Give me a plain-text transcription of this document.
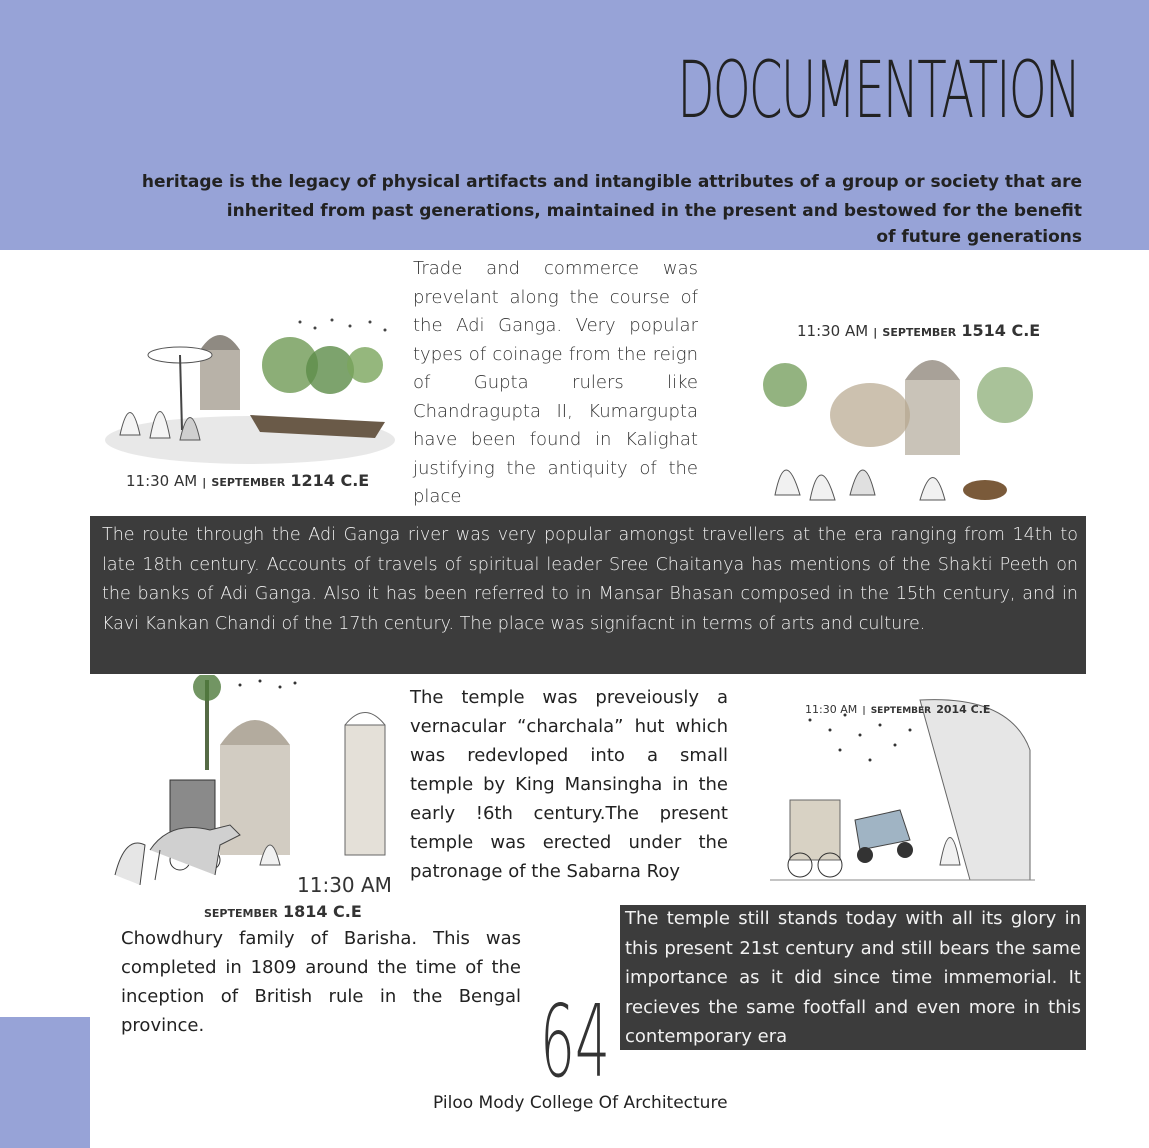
DOCUMENTATION
heritage is the legacy of physical artifacts and intangible attributes of a group or society that are inherited from past generations, maintained in the present and bestowed for the benefit
of future generations
11:30 AM | SEPTEMBER 1214 C.E
Trade and commerce was prevelant along the course of the Adi Ganga. Very popular types of coinage from the reign of Gupta rulers like Chandragupta II, Kumargupta have been found in Kalighat justifying the antiquity of the place
11:30 AM | SEPTEMBER 1514 C.E
The route through the Adi Ganga river was very popular amongst travellers at the era ranging from 14th to late 18th century. Accounts of travels of spiritual leader Sree Chaitanya has mentions of the Shakti Peeth on the banks of Adi Ganga. Also it has been referred to in Mansar Bhasan composed in the 15th century, and in Kavi Kankan Chandi of the 17th century. The place was signifacnt in terms of arts and culture.
11:30 AM
SEPTEMBER 1814 C.E
The temple was preveiously a vernacular “charchala” hut which was redevloped into a small temple by King Mansingha in the early !6th century.The present temple was erected under the patronage of the Sabarna Roy
Chowdhury family of Barisha. This was completed in 1809 around the time of the inception of British rule in the Bengal province.
11:30 AM | SEPTEMBER 2014 C.E
The temple still stands today with all its glory in this present 21st century and still bears the same importance as it did since time immemorial. It recieves the same footfall and even more in this contemporary era
64
Piloo Mody College Of Architecture
